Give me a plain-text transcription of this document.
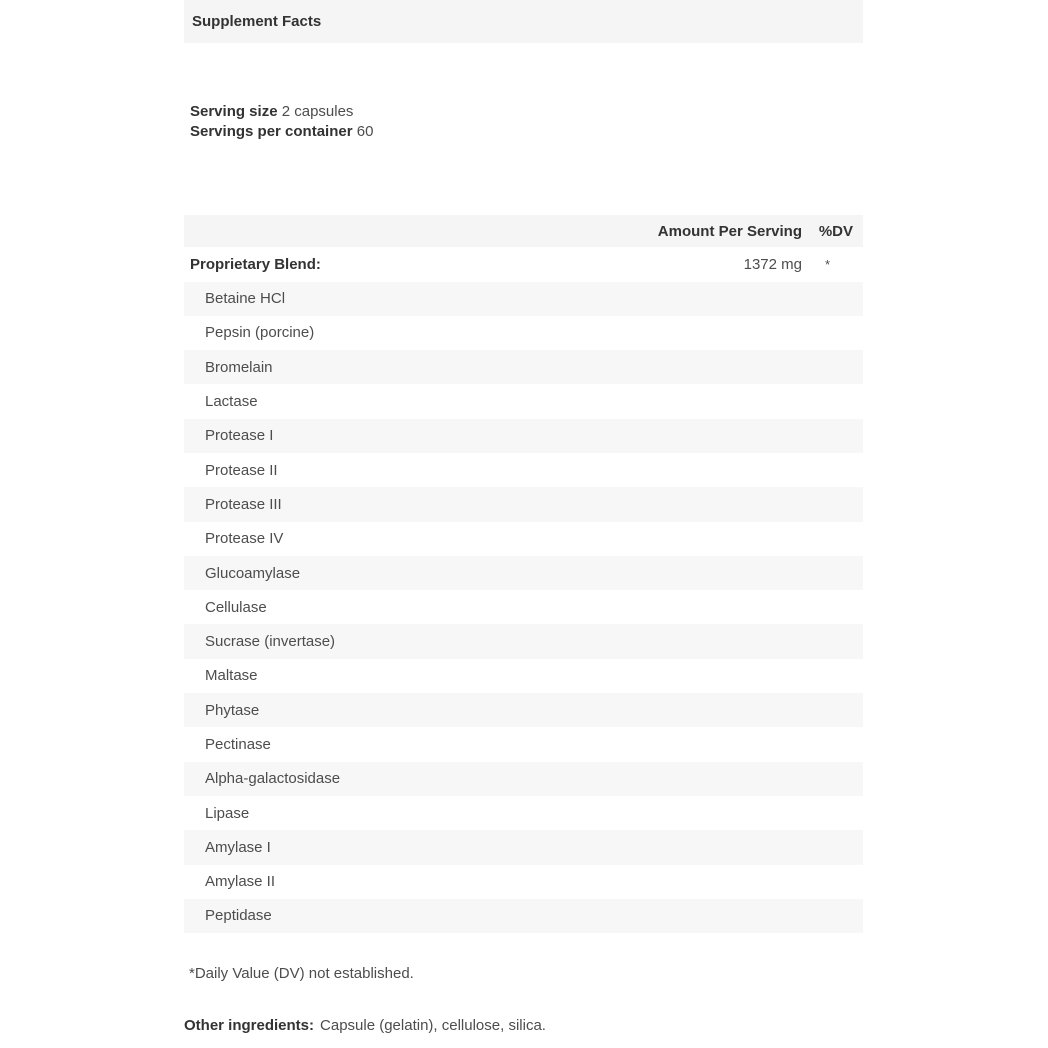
Supplement Facts
Serving size 2 capsules
Servings per container 60
Amount Per Serving	%DV
Proprietary Blend:	1372 mg	*
Betaine HCl
Pepsin (porcine)
Bromelain
Lactase
Protease I
Protease II
Protease III
Protease IV
Glucoamylase
Cellulase
Sucrase (invertase)
Maltase
Phytase
Pectinase
Alpha-galactosidase
Lipase
Amylase I
Amylase II
Peptidase
*Daily Value (DV) not established.
Other ingredients: Capsule (gelatin), cellulose, silica.
